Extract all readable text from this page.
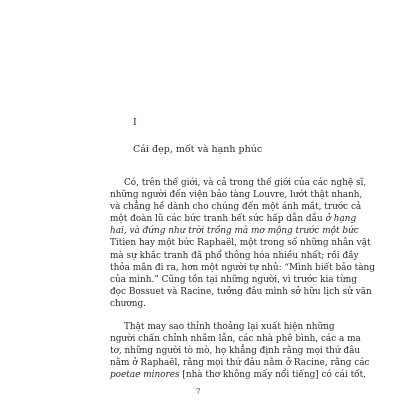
I

Cái đẹp, mốt và hạnh phúc

Có, trên thế giới, và cả trong thế giới của các nghệ sĩ,
những người đến viện bảo tàng Louvre, lướt thật nhanh,
và chẳng hề dành cho chúng đến một ánh mắt, trước cả
một đoàn lũ các bức tranh hết sức hấp dẫn dẫu ở hạng
hai, và đứng như trời trồng mà mơ mộng trước một bức
Titien hay một bức Raphaël, một trong số những nhân vật
mà sự khắc tranh đã phổ thông hóa nhiều nhất; rồi đầy
thỏa mãn đi ra, hơn một người tự nhủ: “Mình biết bảo tàng
của mình.” Cũng tồn tại những người, vì trước kia từng
đọc Bossuet và Racine, tưởng đâu mình sở hữu lịch sử văn
chương.
Thật may sao thỉnh thoảng lại xuất hiện những
người chấn chỉnh nhầm lẫn, các nhà phê bình, các a ma
tơ, những người tò mò, họ khẳng định rằng mọi thứ đâu
nằm ở Raphaël, rằng mọi thứ đâu nằm ở Racine, rằng các
poetae minores [nhà thơ không mấy nổi tiếng] có cái tốt,

7
